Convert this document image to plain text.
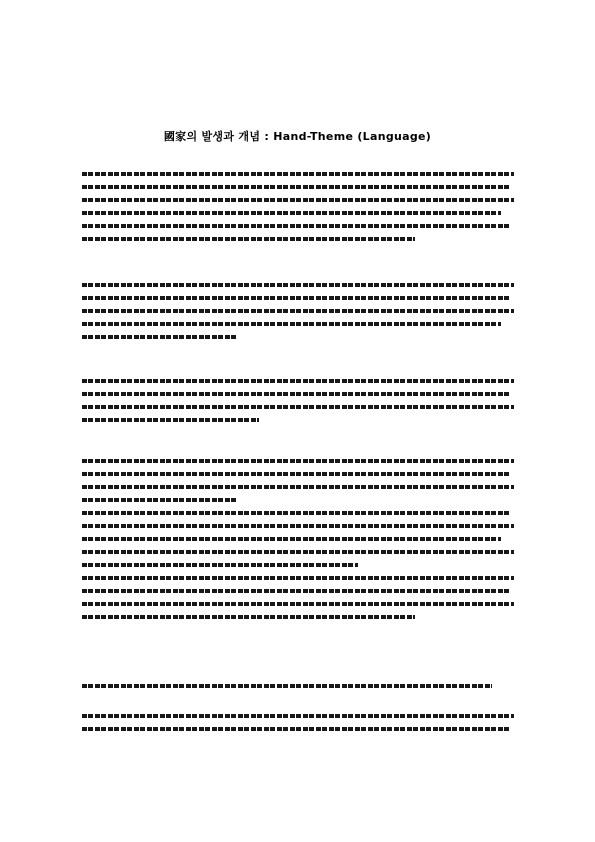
國家의 발생과 개념 : Hand-Theme (Language)
